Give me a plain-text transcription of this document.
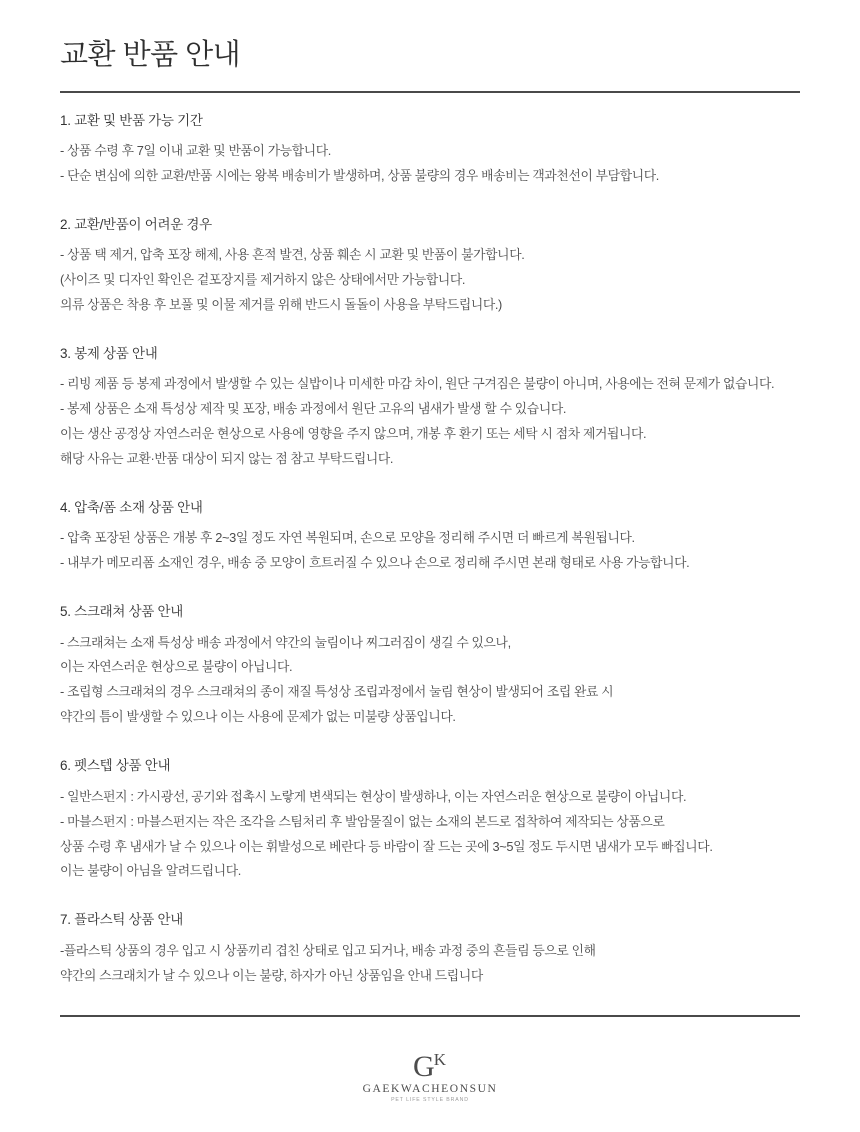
교환 반품 안내
1. 교환 및 반품 가능 기간
- 상품 수령 후 7일 이내 교환 및 반품이 가능합니다.
- 단순 변심에 의한 교환/반품 시에는 왕복 배송비가 발생하며, 상품 불량의 경우 배송비는 객과천선이 부담합니다.
2. 교환/반품이 어려운 경우
- 상품 택 제거, 압축 포장 해제, 사용 흔적 발견, 상품 훼손 시 교환 및 반품이 불가합니다.
(사이즈 및 디자인 확인은 겉포장지를 제거하지 않은 상태에서만 가능합니다.
의류 상품은 착용 후 보풀 및 이물 제거를 위해 반드시 돌돌이 사용을 부탁드립니다.)
3. 봉제 상품 안내
- 리빙 제품 등 봉제 과정에서 발생할 수 있는 실밥이나 미세한 마감 차이, 원단 구겨짐은 불량이 아니며, 사용에는 전혀 문제가 없습니다.
- 봉제 상품은 소재 특성상 제작 및 포장, 배송 과정에서 원단 고유의 냄새가 발생 할 수 있습니다.
이는 생산 공정상 자연스러운 현상으로 사용에 영향을 주지 않으며, 개봉 후 환기 또는 세탁 시 점차 제거됩니다.
해당 사유는 교환·반품 대상이 되지 않는 점 참고 부탁드립니다.
4. 압축/폼 소재 상품 안내
- 압축 포장된 상품은 개봉 후 2~3일 정도 자연 복원되며, 손으로 모양을 정리해 주시면 더 빠르게 복원됩니다.
- 내부가 메모리폼 소재인 경우, 배송 중 모양이 흐트러질 수 있으나 손으로 정리해 주시면 본래 형태로 사용 가능합니다.
5. 스크래쳐 상품 안내
- 스크래쳐는 소재 특성상 배송 과정에서 약간의 눌림이나 찌그러짐이 생길 수 있으나,
이는 자연스러운 현상으로 불량이 아닙니다.
- 조립형 스크래쳐의 경우 스크래쳐의 종이 재질 특성상 조립과정에서 눌림 현상이 발생되어 조립 완료 시
약간의 틈이 발생할 수 있으나 이는 사용에 문제가 없는 미불량 상품입니다.
6. 펫스텝 상품 안내
- 일반스펀지 : 가시광선, 공기와 접촉시 노랗게 변색되는 현상이 발생하나, 이는 자연스러운 현상으로 불량이 아닙니다.
- 마블스펀지 : 마블스펀지는 작은 조각을 스팀처리 후 발암물질이 없는 소재의 본드로 접착하여 제작되는 상품으로
상품 수령 후 냄새가 날 수 있으나 이는 휘발성으로 베란다 등 바람이 잘 드는 곳에 3~5일 정도 두시면 냄새가 모두 빠집니다.
이는 불량이 아님을 알려드립니다.
7. 플라스틱 상품 안내
-플라스틱 상품의 경우 입고 시 상품끼리 겹친 상태로 입고 되거나, 배송 과정 중의 흔들림 등으로 인해
약간의 스크래치가 날 수 있으나 이는 불량, 하자가 아닌 상품임을 안내 드립니다
$G^K$
GAEKWACHEONSUN
PET LIFE STYLE BRAND
